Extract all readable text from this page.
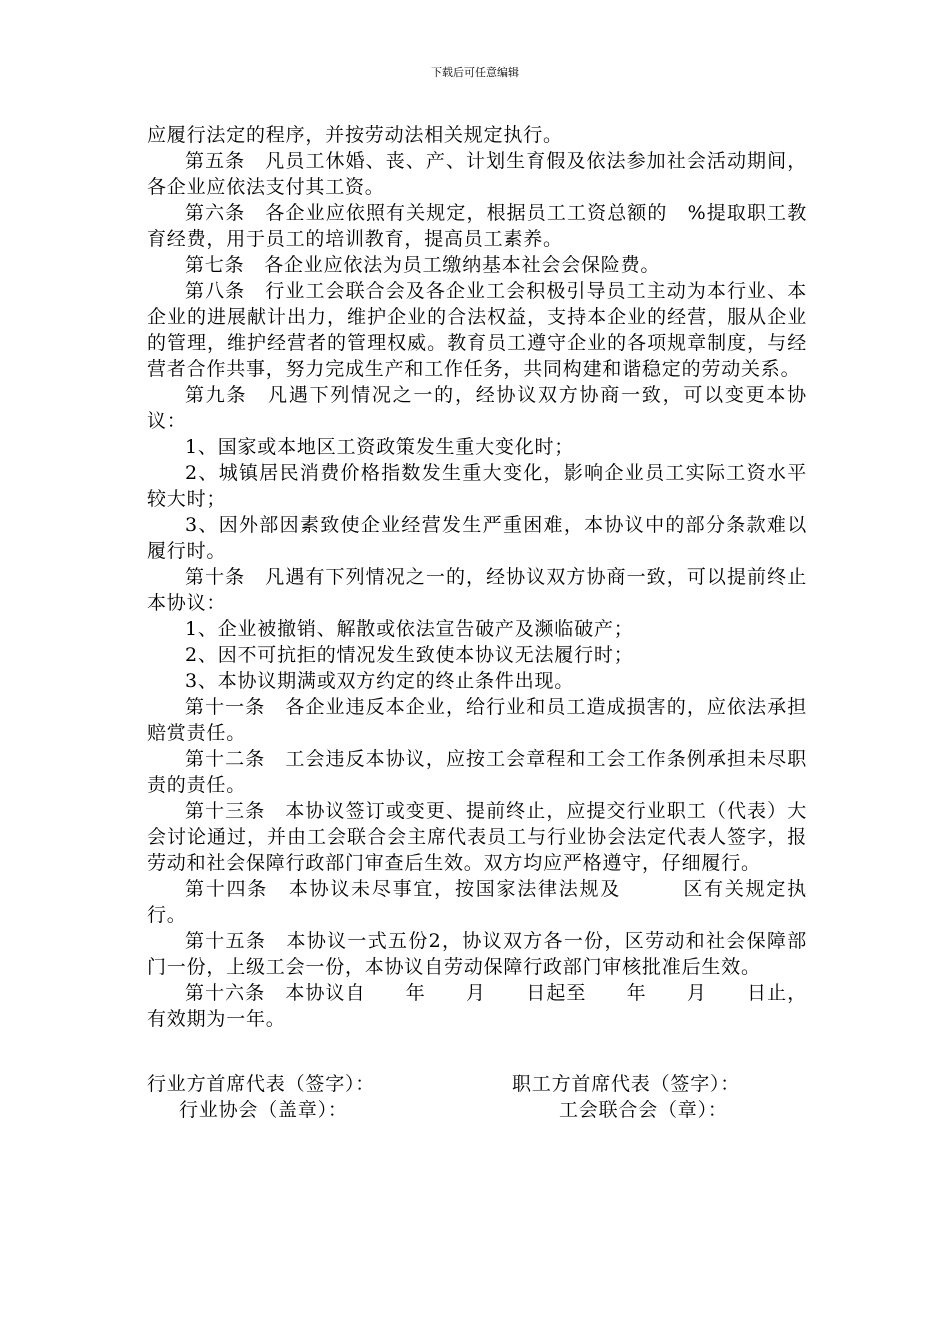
下载后可任意编辑

应履行法定的程序，并按劳动法相关规定执行。

第五条　凡员工休婚、丧、产、计划生育假及依法参加社会活动期间，各企业应依法支付其工资。

第六条　各企业应依照有关规定，根据员工工资总额的　%提取职工教育经费，用于员工的培训教育，提高员工素养。

第七条　各企业应依法为员工缴纳基本社会会保险费。

第八条　行业工会联合会及各企业工会积极引导员工主动为本行业、本企业的进展献计出力，维护企业的合法权益，支持本企业的经营，服从企业的管理，维护经营者的管理权威。教育员工遵守企业的各项规章制度，与经营者合作共事，努力完成生产和工作任务，共同构建和谐稳定的劳动关系。

第九条　凡遇下列情况之一的，经协议双方协商一致，可以变更本协议：

1、国家或本地区工资政策发生重大变化时；

2、城镇居民消费价格指数发生重大变化，影响企业员工实际工资水平较大时；

3、因外部因素致使企业经营发生严重困难，本协议中的部分条款难以履行时。

第十条　凡遇有下列情况之一的，经协议双方协商一致，可以提前终止本协议：

1、企业被撤销、解散或依法宣告破产及濒临破产；

2、因不可抗拒的情况发生致使本协议无法履行时；

3、本协议期满或双方约定的终止条件出现。

第十一条　各企业违反本企业，给行业和员工造成损害的，应依法承担赔赏责任。

第十二条　工会违反本协议，应按工会章程和工会工作条例承担未尽职责的责任。

第十三条　本协议签订或变更、提前终止，应提交行业职工（代表）大会讨论通过，并由工会联合会主席代表员工与行业协会法定代表人签字，报劳动和社会保障行政部门审查后生效。双方均应严格遵守，仔细履行。

第十四条　本协议未尽事宜，按国家法律法规及　　　区有关规定执行。

第十五条　本协议一式五份2，协议双方各一份，区劳动和社会保障部门一份，上级工会一份，本协议自劳动保障行政部门审核批准后生效。

第十六条　本协议自　　年　　月　　日起至　　年　　月　　日止，有效期为一年。

行业方首席代表（签字）：	职工方首席代表（签字）：
行业协会（盖章）：	工会联合会（章）：
